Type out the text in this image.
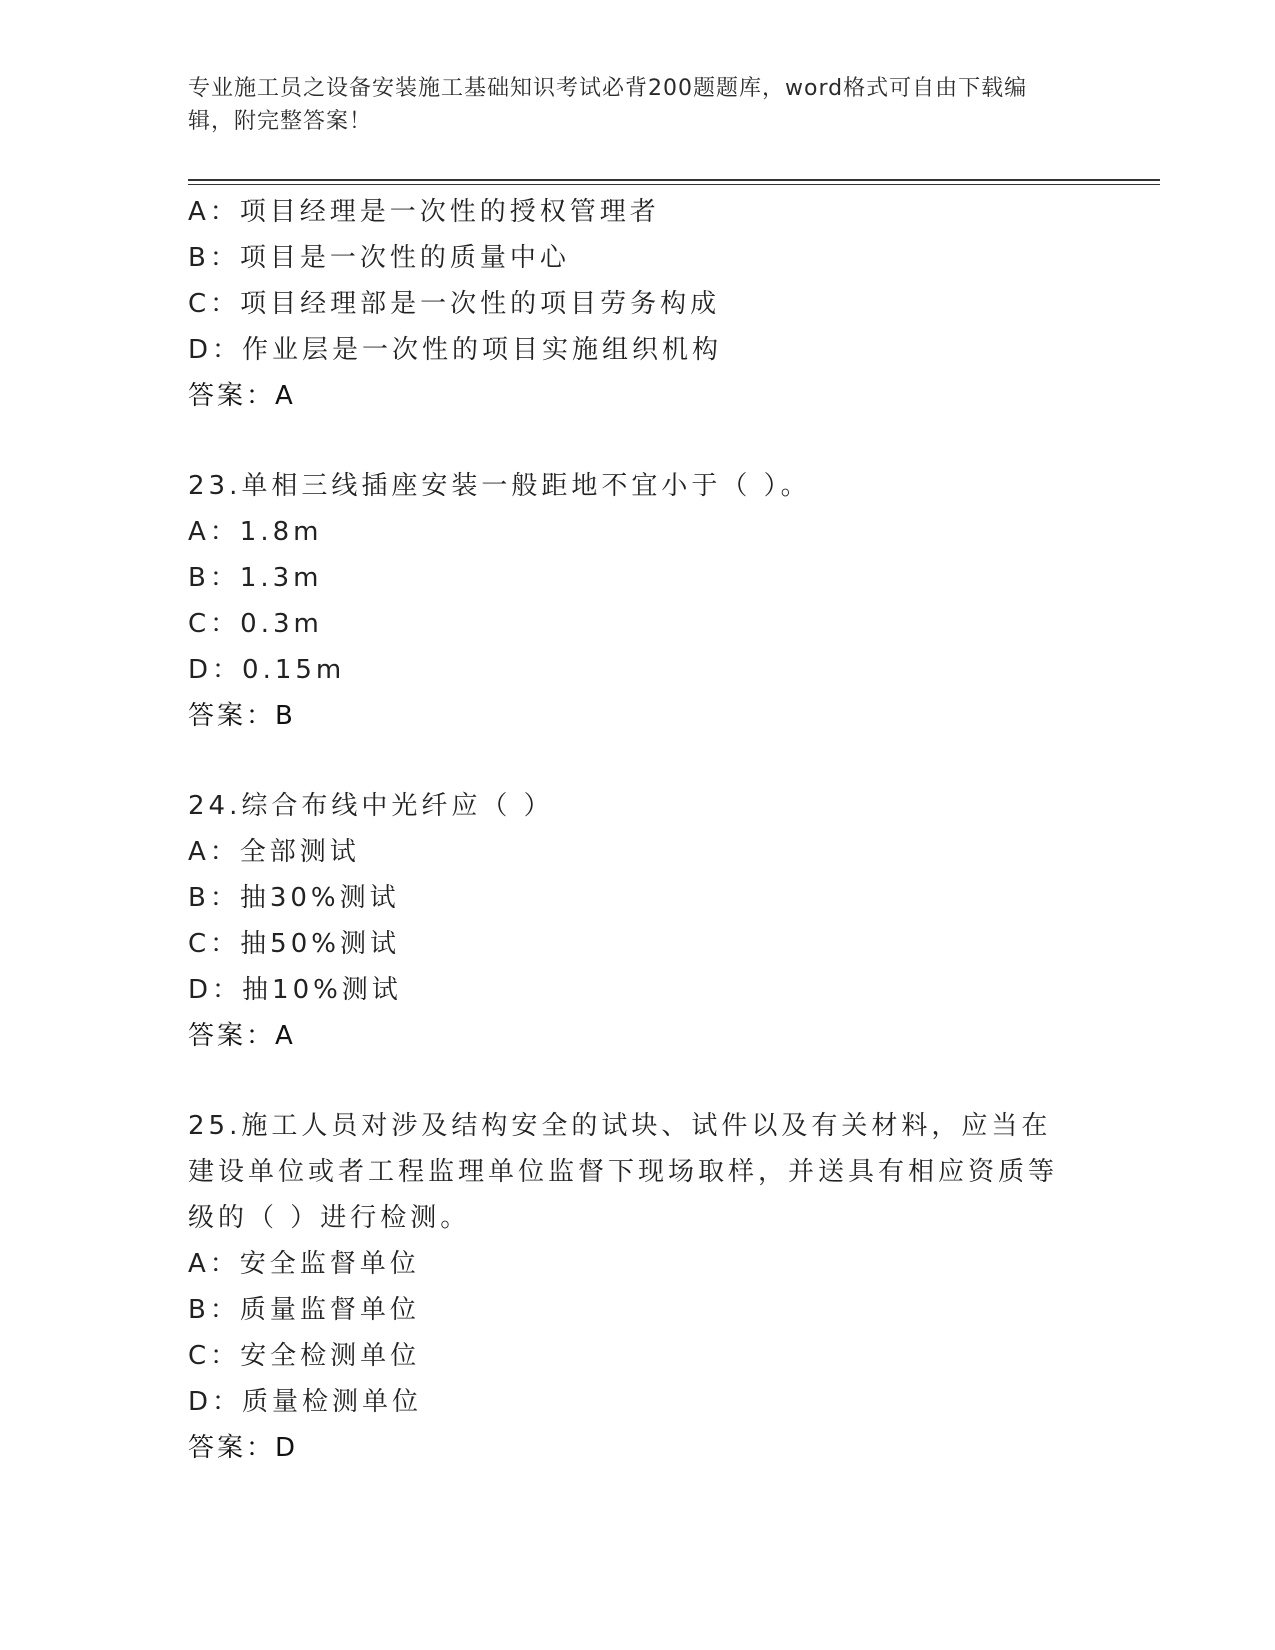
专业施工员之设备安装施工基础知识考试必背200题题库，word格式可自由下载编辑，附完整答案！
A：项目经理是一次性的授权管理者
B：项目是一次性的质量中心
C：项目经理部是一次性的项目劳务构成
D：作业层是一次性的项目实施组织机构
答案：A
23.单相三线插座安装一般距地不宜小于（ ）。
A：1.8m
B：1.3m
C：0.3m
D：0.15m
答案：B
24.综合布线中光纤应（ ）
A：全部测试
B：抽30%测试
C：抽50%测试
D：抽10%测试
答案：A
25.施工人员对涉及结构安全的试块、试件以及有关材料，应当在建设单位或者工程监理单位监督下现场取样，并送具有相应资质等级的（ ）进行检测。
A：安全监督单位
B：质量监督单位
C：安全检测单位
D：质量检测单位
答案：D
